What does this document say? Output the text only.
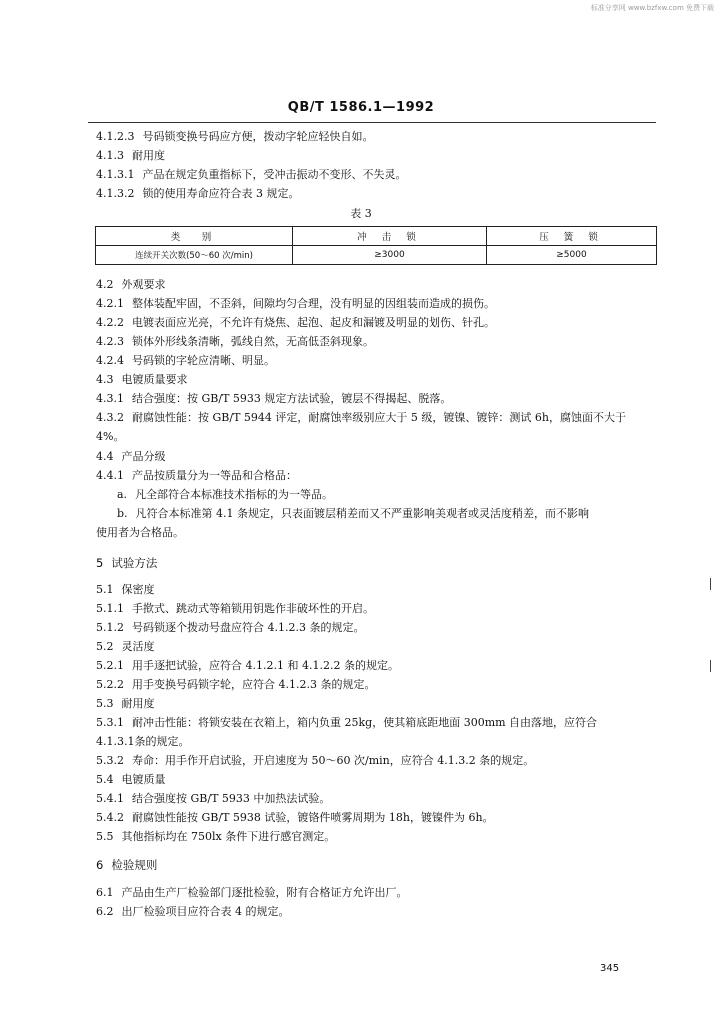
标准分享网 www.bzfxw.com 免费下载
QB/T 1586.1—1992
4.1.2.3 号码锁变换号码应方便，拨动字轮应轻快自如。
4.1.3 耐用度
4.1.3.1 产品在规定负重指标下，受冲击振动不变形、不失灵。
4.1.3.2 锁的使用寿命应符合表 3 规定。
表 3
类　别	冲 击 锁	压 簧 锁
连续开关次数(50～60 次/min)	≥3000	≥5000
4.2 外观要求
4.2.1 整体装配牢固，不歪斜，间隙均匀合理，没有明显的因组装而造成的损伤。
4.2.2 电镀表面应光亮，不允许有烧焦、起泡、起皮和漏镀及明显的划伤、针孔。
4.2.3 锁体外形线条清晰，弧线自然，无高低歪斜现象。
4.2.4 号码锁的字轮应清晰、明显。
4.3 电镀质量要求
4.3.1 结合强度：按 GB/T 5933 规定方法试验，镀层不得揭起、脱落。
4.3.2 耐腐蚀性能：按 GB/T 5944 评定，耐腐蚀率级别应大于 5 级，镀镍、镀锌：测试 6h，腐蚀面不大于
4%。
4.4 产品分级
4.4.1 产品按质量分为一等品和合格品：
a. 凡全部符合本标准技术指标的为一等品。
b. 凡符合本标准第 4.1 条规定，只表面镀层稍差而又不严重影响美观者或灵活度稍差，而不影响
使用者为合格品。
5 试验方法
5.1 保密度
5.1.1 手揿式、跳动式等箱锁用钥匙作非破坏性的开启。
5.1.2 号码锁逐个拨动号盘应符合 4.1.2.3 条的规定。
5.2 灵活度
5.2.1 用手逐把试验，应符合 4.1.2.1 和 4.1.2.2 条的规定。
5.2.2 用手变换号码锁字轮，应符合 4.1.2.3 条的规定。
5.3 耐用度
5.3.1 耐冲击性能：将锁安装在衣箱上，箱内负重 25kg，使其箱底距地面 300mm 自由落地，应符合
4.1.3.1条的规定。
5.3.2 寿命：用手作开启试验，开启速度为 50～60 次/min，应符合 4.1.3.2 条的规定。
5.4 电镀质量
5.4.1 结合强度按 GB/T 5933 中加热法试验。
5.4.2 耐腐蚀性能按 GB/T 5938 试验，镀铬件喷雾周期为 18h，镀镍件为 6h。
5.5 其他指标均在 750lx 条件下进行感官测定。
6 检验规则
6.1 产品由生产厂检验部门逐批检验，附有合格证方允许出厂。
6.2 出厂检验项目应符合表 4 的规定。
345
